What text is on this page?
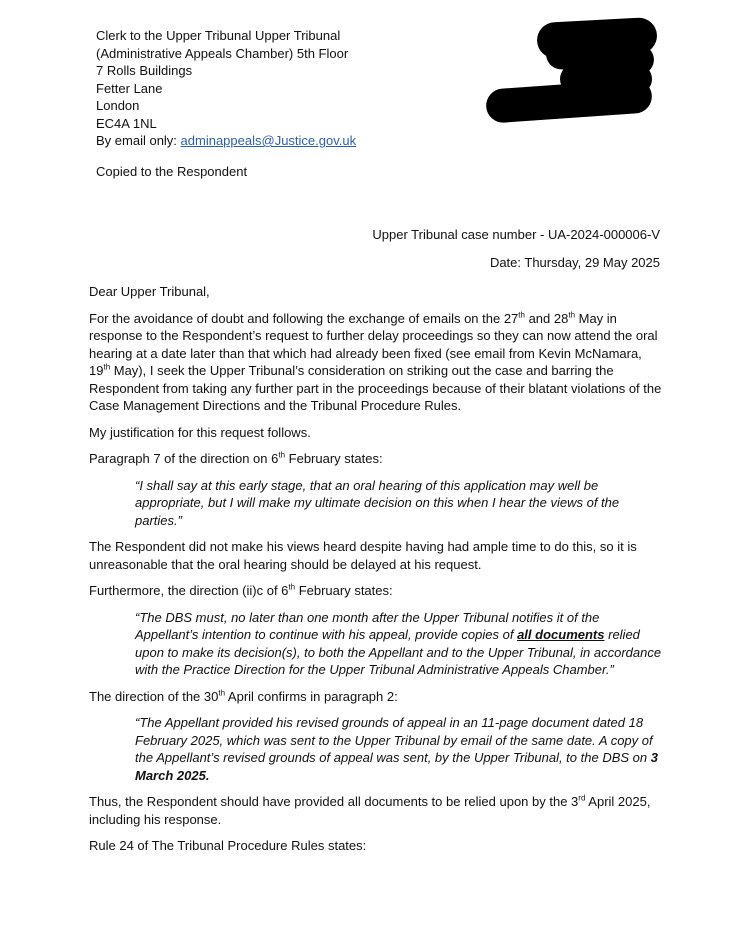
Clerk to the Upper Tribunal Upper Tribunal
(Administrative Appeals Chamber) 5th Floor
7 Rolls Buildings
Fetter Lane
London
EC4A 1NL
By email only: adminappeals@Justice.gov.uk
Copied to the Respondent
Upper Tribunal case number - UA-2024-000006-V
Date: Thursday, 29 May 2025

Dear Upper Tribunal,

For the avoidance of doubt and following the exchange of emails on the 27th and 28th May in response to the Respondent’s request to further delay proceedings so they can now attend the oral hearing at a date later than that which had already been fixed (see email from Kevin McNamara, 19th May), I seek the Upper Tribunal’s consideration on striking out the case and barring the Respondent from taking any further part in the proceedings because of their blatant violations of the Case Management Directions and the Tribunal Procedure Rules.

My justification for this request follows.

Paragraph 7 of the direction on 6th February states:

“I shall say at this early stage, that an oral hearing of this application may well be appropriate, but I will make my ultimate decision on this when I hear the views of the parties.”

The Respondent did not make his views heard despite having had ample time to do this, so it is unreasonable that the oral hearing should be delayed at his request.

Furthermore, the direction (ii)c of 6th February states:

“The DBS must, no later than one month after the Upper Tribunal notifies it of the Appellant’s intention to continue with his appeal, provide copies of all documents relied upon to make its decision(s), to both the Appellant and to the Upper Tribunal, in accordance with the Practice Direction for the Upper Tribunal Administrative Appeals Chamber.”

The direction of the 30th April confirms in paragraph 2:

“The Appellant provided his revised grounds of appeal in an 11-page document dated 18 February 2025, which was sent to the Upper Tribunal by email of the same date. A copy of the Appellant’s revised grounds of appeal was sent, by the Upper Tribunal, to the DBS on 3 March 2025.

Thus, the Respondent should have provided all documents to be relied upon by the 3rd April 2025, including his response.

Rule 24 of The Tribunal Procedure Rules states:
